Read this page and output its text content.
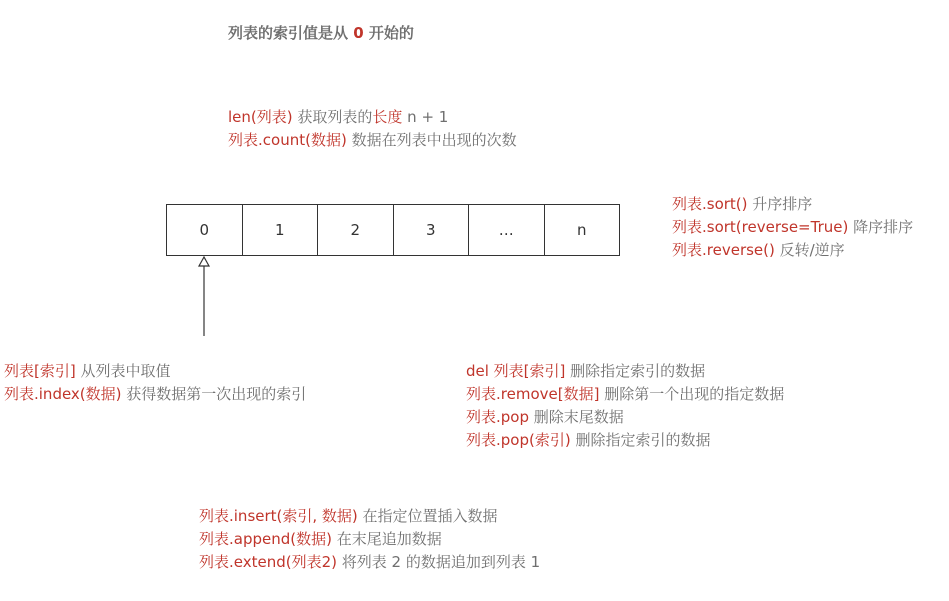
列表的索引值是从 0 开始的
len(列表) 获取列表的长度 n + 1
列表.count(数据) 数据在列表中出现的次数
0	1	2	3	…	n
列表.sort() 升序排序
列表.sort(reverse=True) 降序排序
列表.reverse() 反转/逆序
列表[索引] 从列表中取值
列表.index(数据) 获得数据第一次出现的索引
del 列表[索引] 删除指定索引的数据
列表.remove[数据] 删除第一个出现的指定数据
列表.pop 删除末尾数据
列表.pop(索引) 删除指定索引的数据
列表.insert(索引, 数据) 在指定位置插入数据
列表.append(数据) 在末尾追加数据
列表.extend(列表2) 将列表 2 的数据追加到列表 1
